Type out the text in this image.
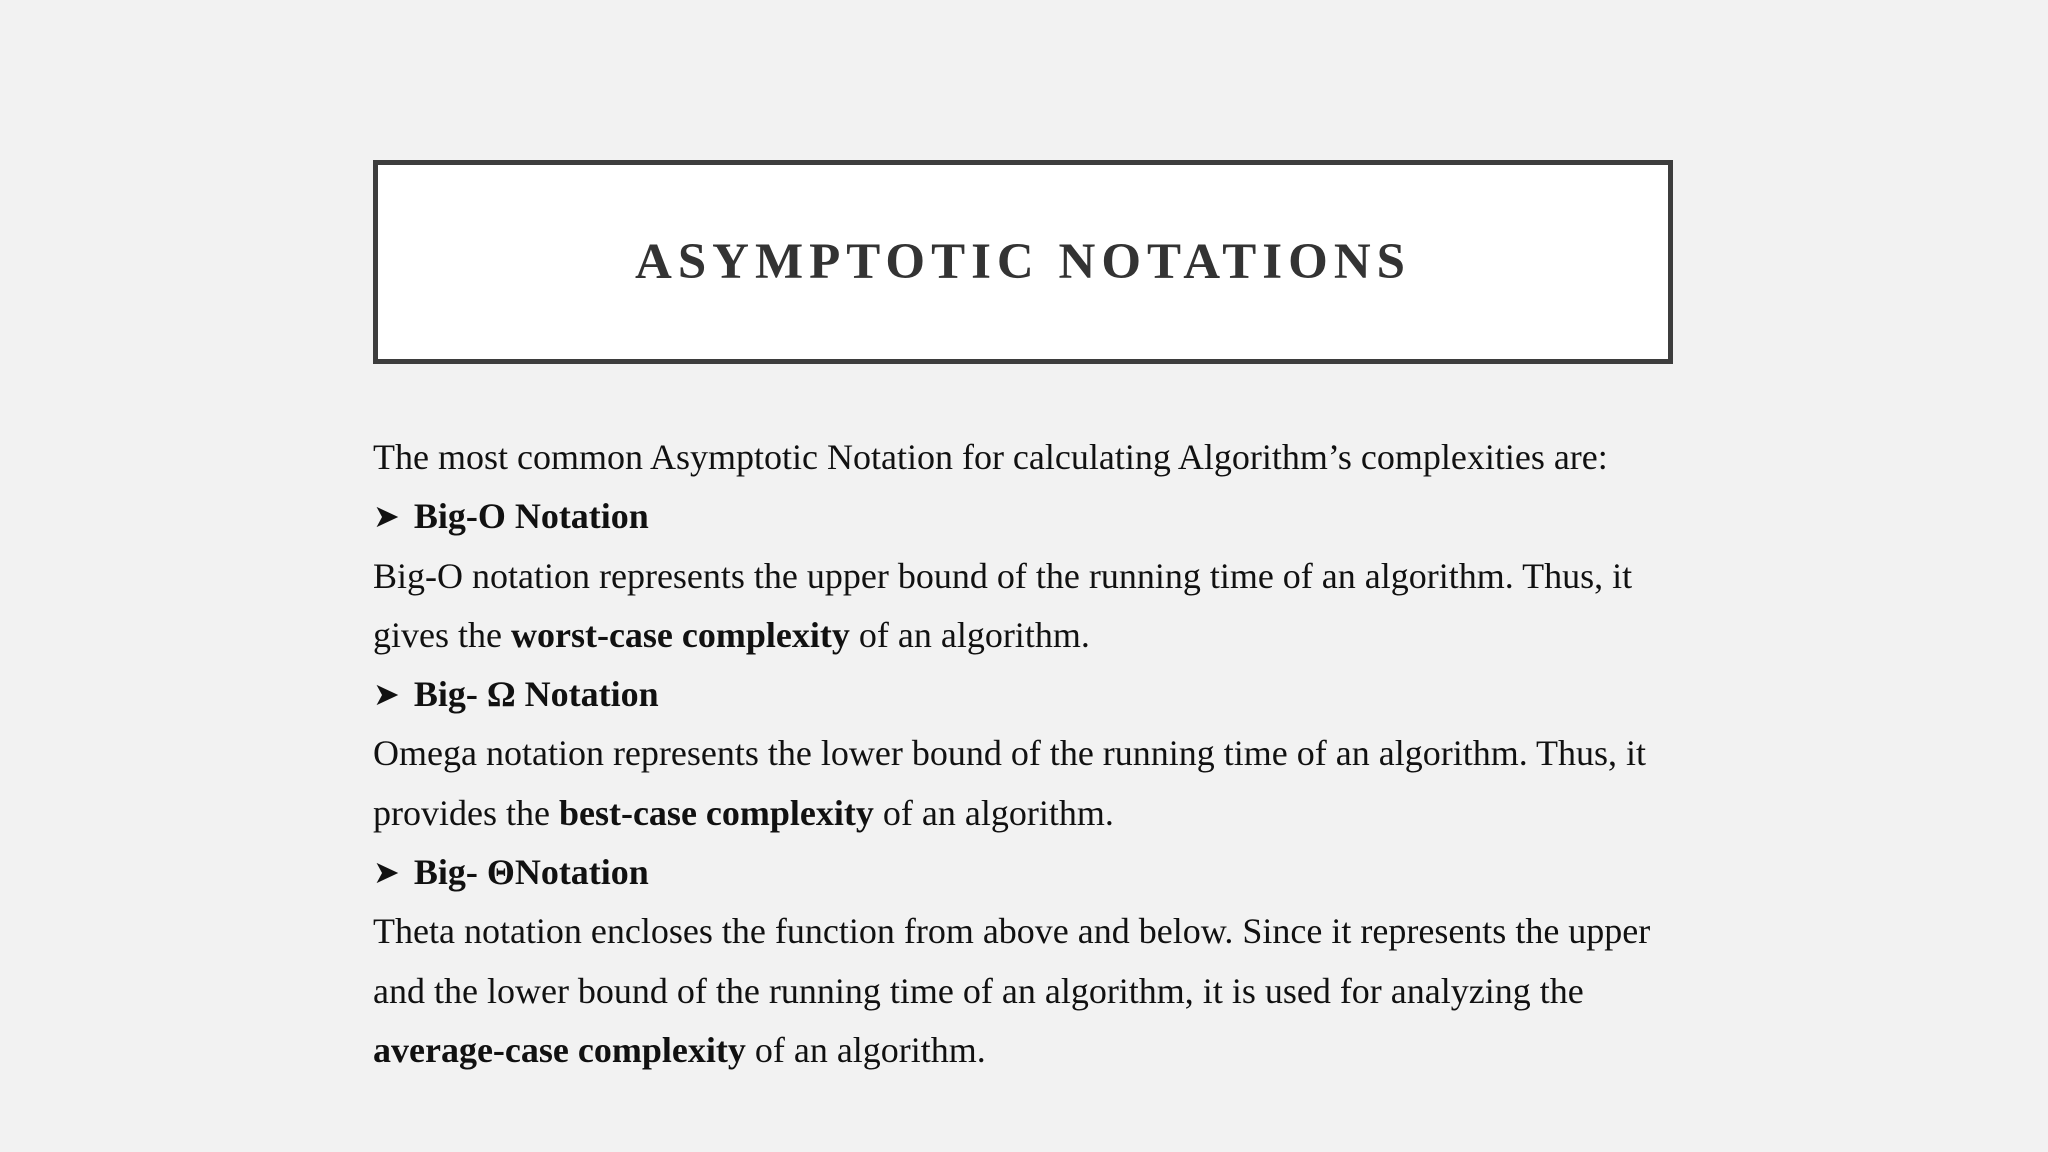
ASYMPTOTIC NOTATIONS

The most common Asymptotic Notation for calculating Algorithm’s complexities are:

➤ Big-O Notation

Big-O notation represents the upper bound of the running time of an algorithm. Thus, it

gives the worst-case complexity of an algorithm.

➤ Big- Ω Notation

Omega notation represents the lower bound of the running time of an algorithm. Thus, it

provides the best-case complexity of an algorithm.

➤ Big- ΘNotation

Theta notation encloses the function from above and below. Since it represents the upper

and the lower bound of the running time of an algorithm, it is used for analyzing the

average-case complexity of an algorithm.
